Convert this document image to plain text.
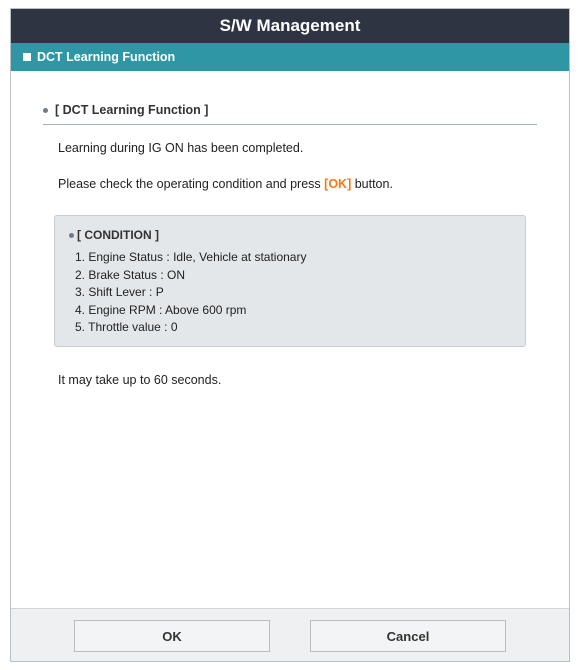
S/W Management
DCT Learning Function
[ DCT Learning Function ]
Learning during IG ON has been completed.
Please check the operating condition and press [OK] button.
[ CONDITION ]
1. Engine Status : Idle, Vehicle at stationary
2. Brake Status : ON
3. Shift Lever : P
4. Engine RPM : Above 600 rpm
5. Throttle value : 0
It may take up to 60 seconds.
OK	Cancel
